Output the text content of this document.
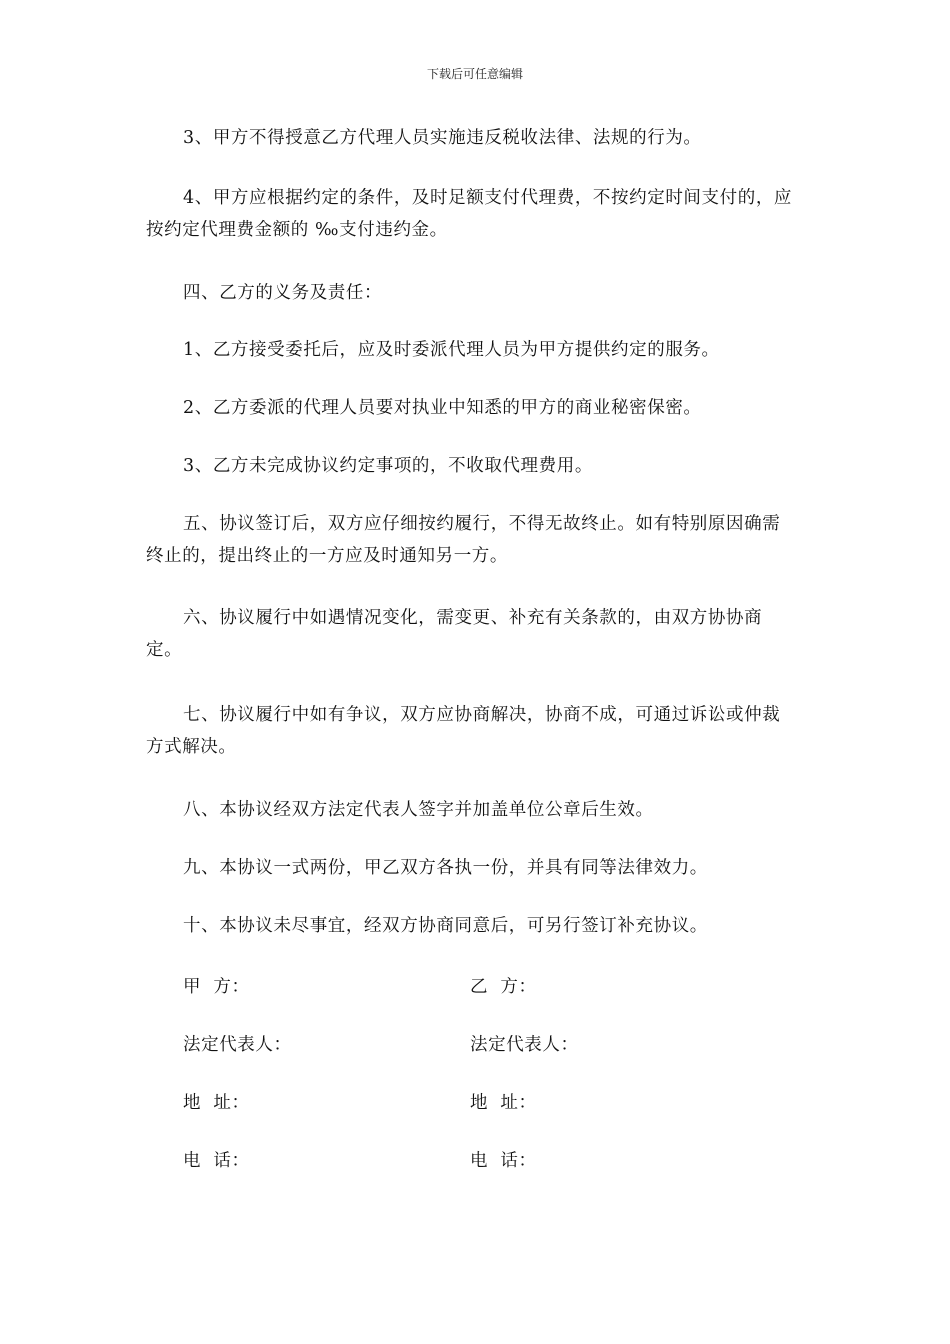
下载后可任意编辑

3、甲方不得授意乙方代理人员实施违反税收法律、法规的行为。

4、甲方应根据约定的条件，及时足额支付代理费，不按约定时间支付的，应按约定代理费金额的 ‰支付违约金。

四、乙方的义务及责任：

1、乙方接受委托后，应及时委派代理人员为甲方提供约定的服务。

2、乙方委派的代理人员要对执业中知悉的甲方的商业秘密保密。

3、乙方未完成协议约定事项的，不收取代理费用。

五、协议签订后，双方应仔细按约履行，不得无故终止。如有特别原因确需终止的，提出终止的一方应及时通知另一方。

六、协议履行中如遇情况变化，需变更、补充有关条款的，由双方协协商定。

七、协议履行中如有争议，双方应协商解决，协商不成，可通过诉讼或仲裁方式解决。

八、本协议经双方法定代表人签字并加盖单位公章后生效。

九、本协议一式两份，甲乙双方各执一份，并具有同等法律效力。

十、本协议未尽事宜，经双方协商同意后，可另行签订补充协议。

甲  方：	乙  方：
法定代表人：	法定代表人：
地  址：	地  址：
电  话：	电  话：
